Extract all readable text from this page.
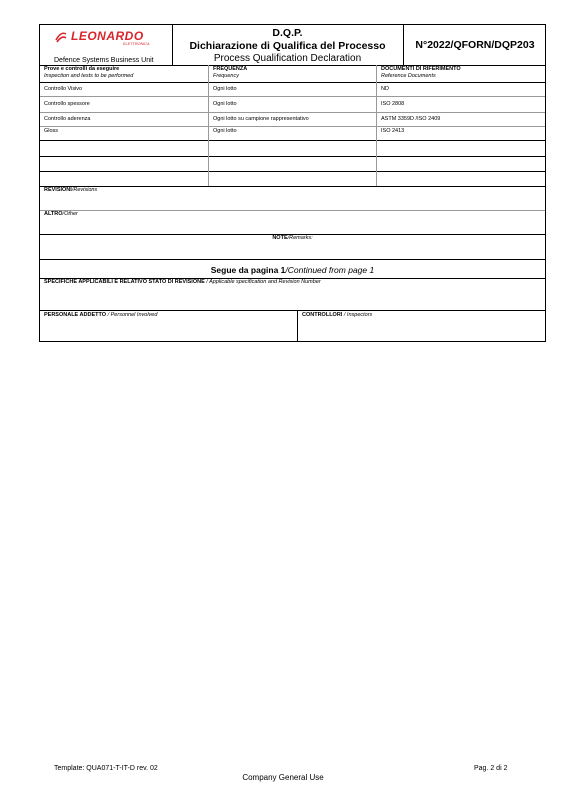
LEONARDO
ELETTRONICA
Defence Systems Business Unit
D.Q.P.
Dichiarazione di Qualifica del Processo
Process Qualification Declaration
N°2022/QFORN/DQP203
Prove e controlli da eseguire
Inspection and tests to be performed
FREQUENZA
Frequency
DOCUMENTI DI RIFERIMENTO
Reference Documents
Controllo Visivo	Ogni lotto	ND
Controllo spessore	Ogni lotto	ISO 2808
Controllo aderenza	Ogni lotto su campione rappresentativo	ASTM 3359D /ISO 2409
Gloss	Ogni lotto	ISO 2413
REVISIONI/Revisions
ALTRO/Other
NOTE/Remarks:
Segue da pagina 1/Continued from page 1
SPECIFICHE APPLICABILI E RELATIVO STATO DI REVISIONE / Applicable specification and Revision Number
PERSONALE ADDETTO / Personnel Involved	CONTROLLORI / Inspectors
Template: QUA071-T-IT-D rev. 02
Company General Use
Pag. 2 di 2
